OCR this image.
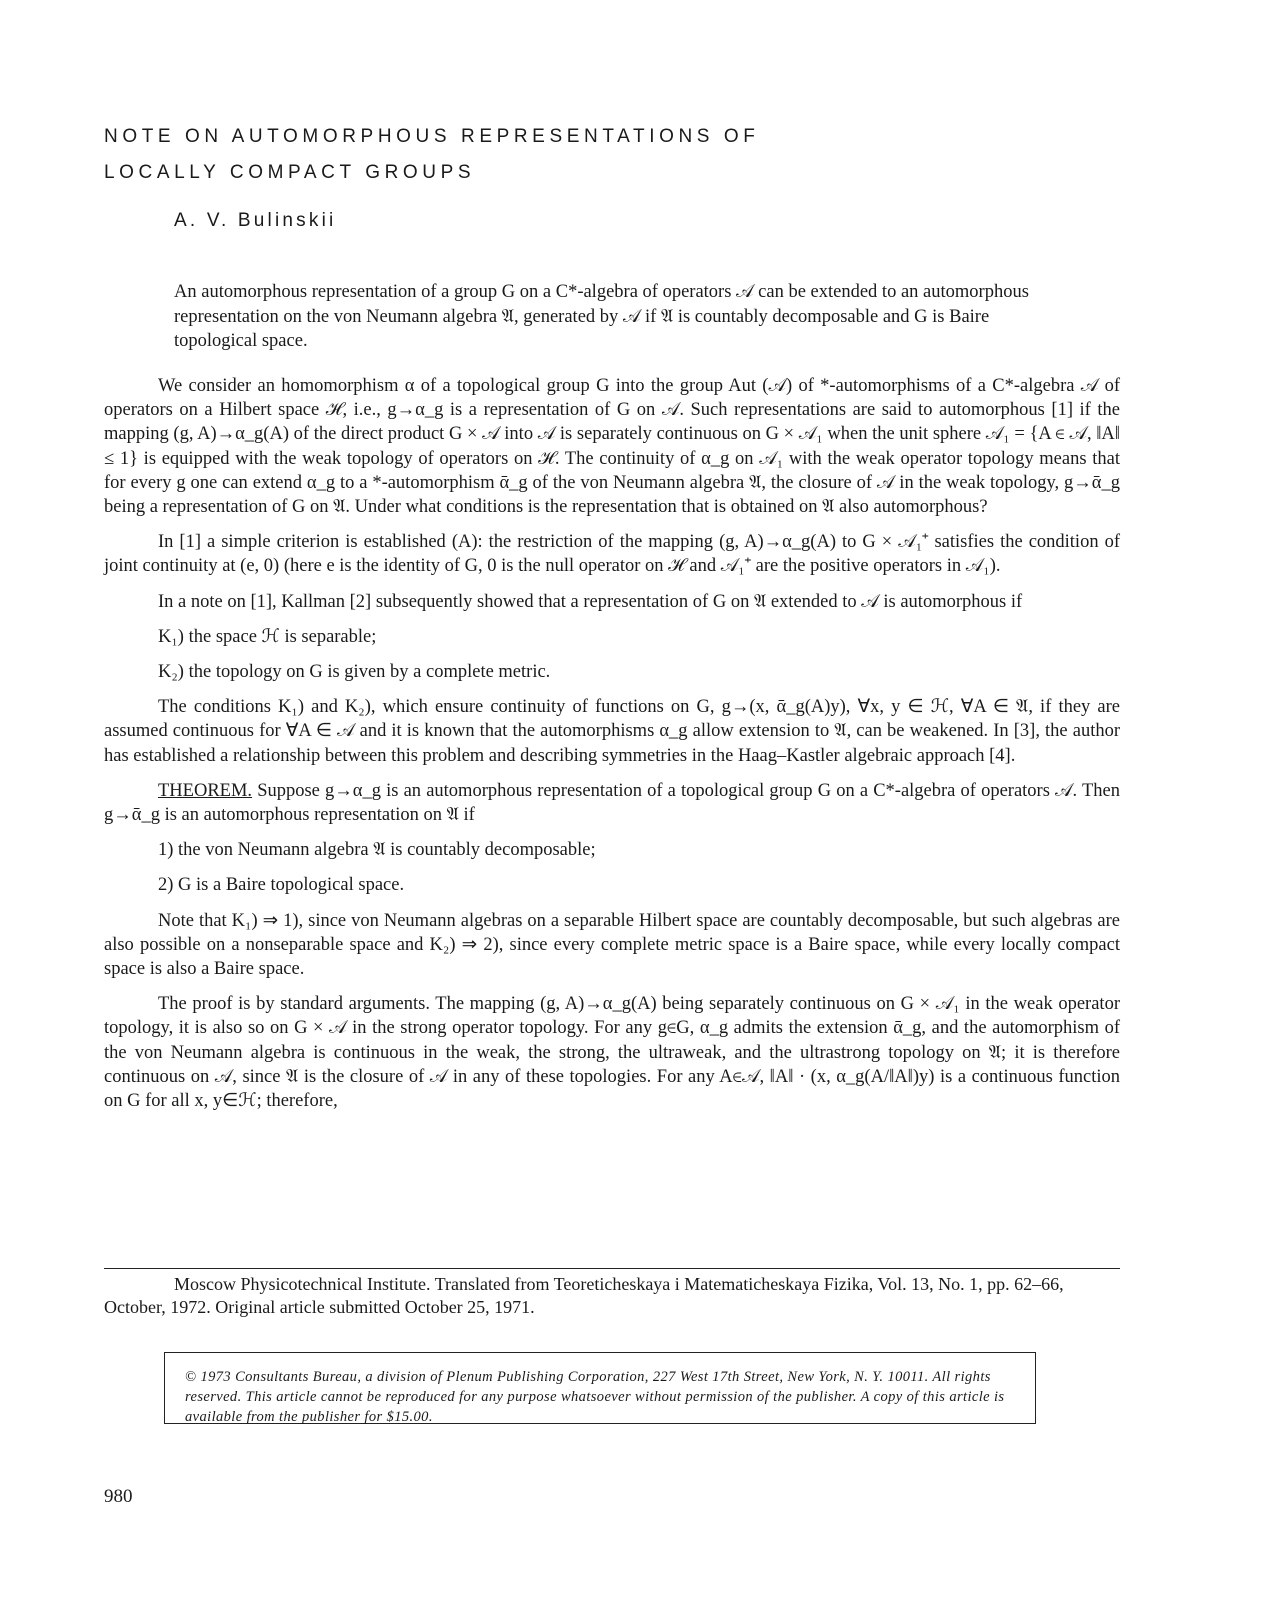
NOTE ON AUTOMORPHOUS REPRESENTATIONS OF
LOCALLY COMPACT GROUPS
A. V. Bulinskii

An automorphous representation of a group G on a C*-algebra of operators 𝒜 can be extended to an automorphous representation on the von Neumann algebra 𝔄, generated by 𝒜 if 𝔄 is countably decomposable and G is Baire topological space.

We consider an homomorphism α of a topological group G into the group Aut (𝒜) of *-automorphisms of a C*-algebra 𝒜 of operators on a Hilbert space ℋ, i.e., g→α_g is a representation of G on 𝒜. Such representations are said to automorphous [1] if the mapping (g, A)→α_g(A) of the direct product G × 𝒜 into 𝒜 is separately continuous on G × 𝒜₁ when the unit sphere 𝒜₁ = {A ∈ 𝒜, ‖A‖ ≤ 1} is equipped with the weak topology of operators on ℋ. The continuity of α_g on 𝒜₁ with the weak operator topology means that for every g one can extend α_g to a *-automorphism ᾱ_g of the von Neumann algebra 𝔄, the closure of 𝒜 in the weak topology, g→ᾱ_g being a representation of G on 𝔄. Under what conditions is the representation that is obtained on 𝔄 also automorphous?

In [1] a simple criterion is established (A): the restriction of the mapping (g, A)→α_g(A) to G × 𝒜₁⁺ satisfies the condition of joint continuity at (e, 0) (here e is the identity of G, 0 is the null operator on ℋ and 𝒜₁⁺ are the positive operators in 𝒜₁).

In a note on [1], Kallman [2] subsequently showed that a representation of G on 𝔄 extended to 𝒜 is automorphous if

K₁) the space ℋ is separable;

K₂) the topology on G is given by a complete metric.

The conditions K₁) and K₂), which ensure continuity of functions on G, g→(x, ᾱ_g(A)y), ∀x, y ∈ ℋ, ∀A ∈ 𝔄, if they are assumed continuous for ∀A ∈ 𝒜 and it is known that the automorphisms α_g allow extension to 𝔄, can be weakened. In [3], the author has established a relationship between this problem and describing symmetries in the Haag–Kastler algebraic approach [4].

THEOREM. Suppose g→α_g is an automorphous representation of a topological group G on a C*-algebra of operators 𝒜. Then g→ᾱ_g is an automorphous representation on 𝔄 if

1) the von Neumann algebra 𝔄 is countably decomposable;

2) G is a Baire topological space.

Note that K₁) ⇒ 1), since von Neumann algebras on a separable Hilbert space are countably decomposable, but such algebras are also possible on a nonseparable space and K₂) ⇒ 2), since every complete metric space is a Baire space, while every locally compact space is also a Baire space.

The proof is by standard arguments. The mapping (g, A)→α_g(A) being separately continuous on G × 𝒜₁ in the weak operator topology, it is also so on G × 𝒜 in the strong operator topology. For any g∈G, α_g admits the extension ᾱ_g, and the automorphism of the von Neumann algebra is continuous in the weak, the strong, the ultraweak, and the ultrastrong topology on 𝔄; it is therefore continuous on 𝒜, since 𝔄 is the closure of 𝒜 in any of these topologies. For any A∈𝒜, ‖A‖ · (x, α_g(A/‖A‖)y) is a continuous function on G for all x, y∈ℋ; therefore,

Moscow Physicotechnical Institute. Translated from Teoreticheskaya i Matematicheskaya Fizika, Vol. 13, No. 1, pp. 62–66, October, 1972. Original article submitted October 25, 1971.

© 1973 Consultants Bureau, a division of Plenum Publishing Corporation, 227 West 17th Street, New York, N. Y. 10011. All rights reserved. This article cannot be reproduced for any purpose whatsoever without permission of the publisher. A copy of this article is available from the publisher for $15.00.

980
